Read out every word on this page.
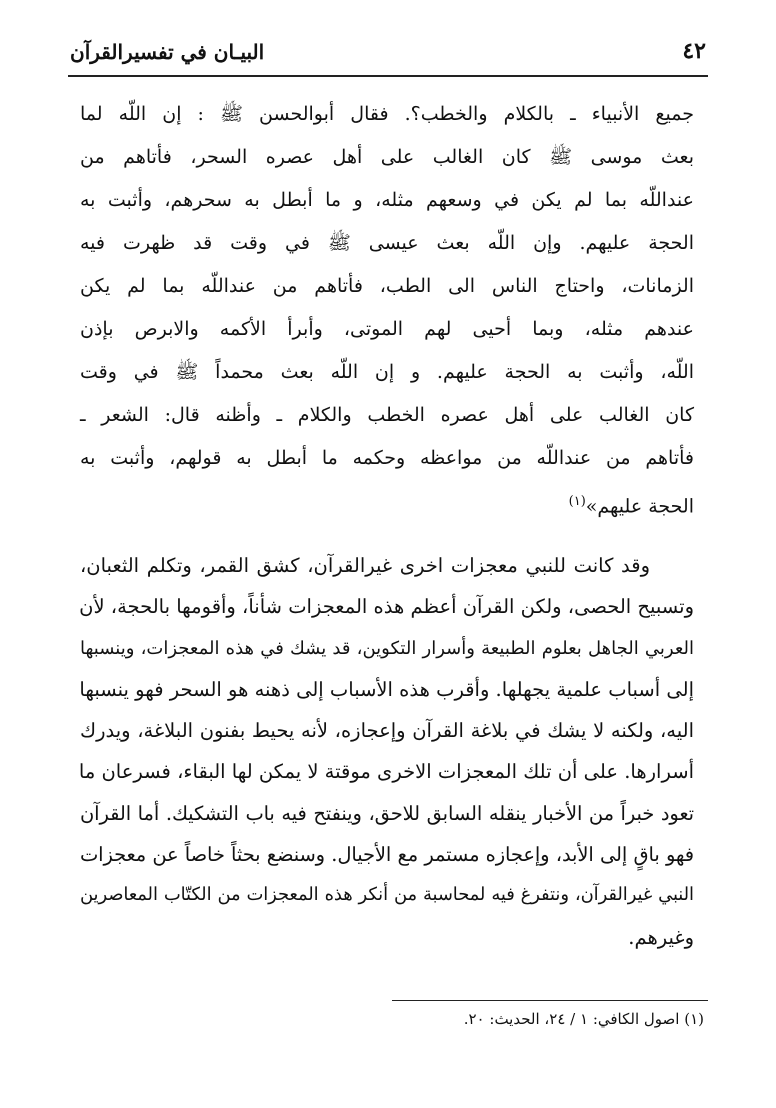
٤٢
البيـان في تفسيرالقرآن
جميع الأنبياء ـ بالكلام والخطب؟. فقال أبوالحسن ﷺ : إن اللّه لما
بعث موسى ﷺ كان الغالب على أهل عصره السحر، فأتاهم من
عنداللّه بما لم يكن في وسعهم مثله، و ما أبطل به سحرهم، وأثبت به
الحجة عليهم. وإن اللّه بعث عيسى ﷺ في وقت قد ظهرت فيه
الزمانات، واحتاج الناس الى الطب، فأتاهم من عنداللّه بما لم يكن
عندهم مثله، وبما أحيى لهم الموتى، وأبرأ الأكمه والابرص بإذن
اللّه، وأثبت به الحجة عليهم. و إن اللّه بعث محمداً ﷺ في وقت
كان الغالب على أهل عصره الخطب والكلام ـ وأظنه قال: الشعر ـ
فأتاهم من عنداللّه من مواعظه وحكمه ما أبطل به قولهم، وأثبت به
الحجة عليهم»$^{(١)}$
وقد كانت للنبي معجزات اخرى غيرالقرآن، كشق القمر، وتكلم الثعبان،
وتسبيح الحصى، ولكن القرآن أعظم هذه المعجزات شأناً، وأقومها بالحجة، لأن
العربي الجاهل بعلوم الطبيعة وأسرار التكوين، قد يشك في هذه المعجزات، وينسبها
إلى أسباب علمية يجهلها. وأقرب هذه الأسباب إلى ذهنه هو السحر فهو ينسبها
اليه، ولكنه لا يشك في بلاغة القرآن وإعجازه، لأنه يحيط بفنون البلاغة، ويدرك
أسرارها. على أن تلك المعجزات الاخرى موقتة لا يمكن لها البقاء، فسرعان ما
تعود خبراً من الأخبار ينقله السابق للاحق، وينفتح فيه باب التشكيك. أما القرآن
فهو باقٍ إلى الأبد، وإعجازه مستمر مع الأجيال. وسنضع بحثاً خاصاً عن معجزات
النبي غيرالقرآن، ونتفرغ فيه لمحاسبة من أنكر هذه المعجزات من الكتّاب المعاصرين
وغيرهم.
(١) اصول الكافي: ١ / ٢٤، الحديث: ٢٠.
